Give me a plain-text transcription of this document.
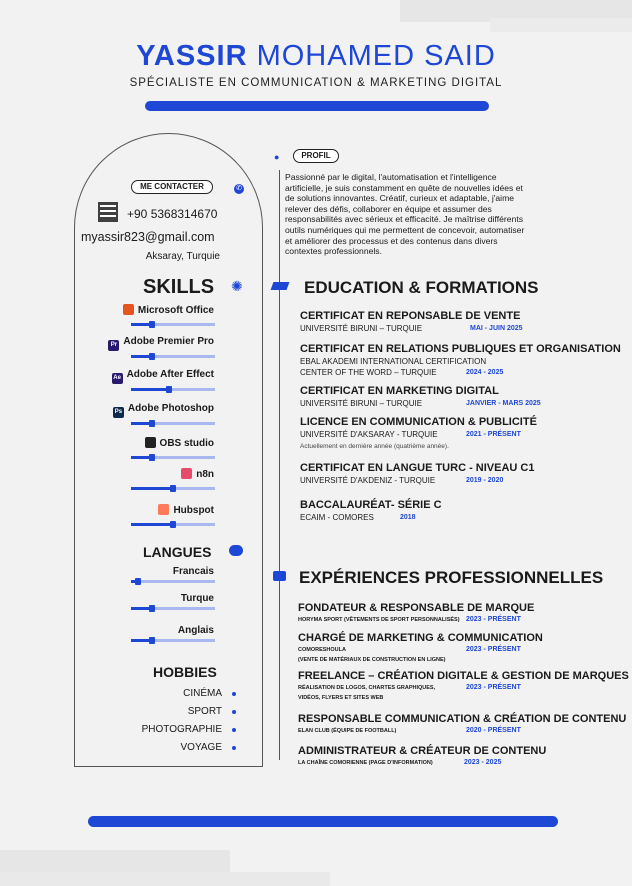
YASSIR MOHAMED SAID
SPÉCIALISTE EN COMMUNICATION & MARKETING DIGITAL
ME CONTACTER	✆
+90 5368314670
myassir823@gmail.com
Aksaray, Turquie
SKILLS ✺
Microsoft Office
Pr Adobe Premier Pro
Ae Adobe After Effect
Ps Adobe Photoshop
OBS studio
n8n
Hubspot
LANGUES
Francais
Turque
Anglais
HOBBIES
CINÉMA
SPORT
PHOTOGRAPHIE
VOYAGE
●	PROFIL
Passionné par le digital, l'automatisation et l'intelligence
artificielle, je suis constamment en quête de nouvelles idées et
de solutions innovantes. Créatif, curieux et adaptable, j'aime
relever des défis, collaborer en équipe et assumer des
responsabilités avec sérieux et efficacité. Je maîtrise différents
outils numériques qui me permettent de concevoir, automatiser
et améliorer des processus et des contenus dans divers
contextes professionnels.
EDUCATION & FORMATIONS
CERTIFICAT EN REPONSABLE DE VENTE
UNIVERSITÉ BIRUNI – TURQUIE	MAI - JUIN 2025
CERTIFICAT EN RELATIONS PUBLIQUES ET ORGANISATION
EBAL AKADEMI INTERNATIONAL CERTIFICATION
CENTER OF THE WORD – TURQUIE	2024 - 2025
CERTIFICAT EN MARKETING DIGITAL
UNIVERSITÉ BIRUNI – TURQUIE	JANVIER - MARS 2025
LICENCE EN COMMUNICATION & PUBLICITÉ
UNIVERSITÉ D'AKSARAY - TURQUIE
Actuellement en dernière année (quatrième année).
2021 - PRÉSENT
CERTIFICAT EN LANGUE TURC - NIVEAU C1
UNIVERSITÉ D'AKDENIZ - TURQUIE	2019 - 2020
BACCALAURÉAT- SÉRIE C
ECAIM - COMORES	2018
EXPÉRIENCES PROFESSIONNELLES
FONDATEUR & RESPONSABLE DE MARQUE
HORYMA SPORT (VÊTEMENTS DE SPORT PERSONNALISÉS) 2023 - PRÉSENT
CHARGÉ DE MARKETING & COMMUNICATION
COMORESHOULA
(VENTE DE MATÉRIAUX DE CONSTRUCTION EN LIGNE)
2023 - PRÉSENT
FREELANCE – CRÉATION DIGITALE & GESTION DE MARQUES
RÉALISATION DE LOGOS, CHARTES GRAPHIQUES,
VIDÉOS, FLYERS ET SITES WEB
2023 - PRÉSENT
RESPONSABLE COMMUNICATION & CRÉATION DE CONTENU
ELAN CLUB (ÉQUIPE DE FOOTBALL)	2020 - PRÉSENT
ADMINISTRATEUR & CRÉATEUR DE CONTENU
LA CHAÎNE COMORIENNE (PAGE D'INFORMATION)	2023 - 2025
